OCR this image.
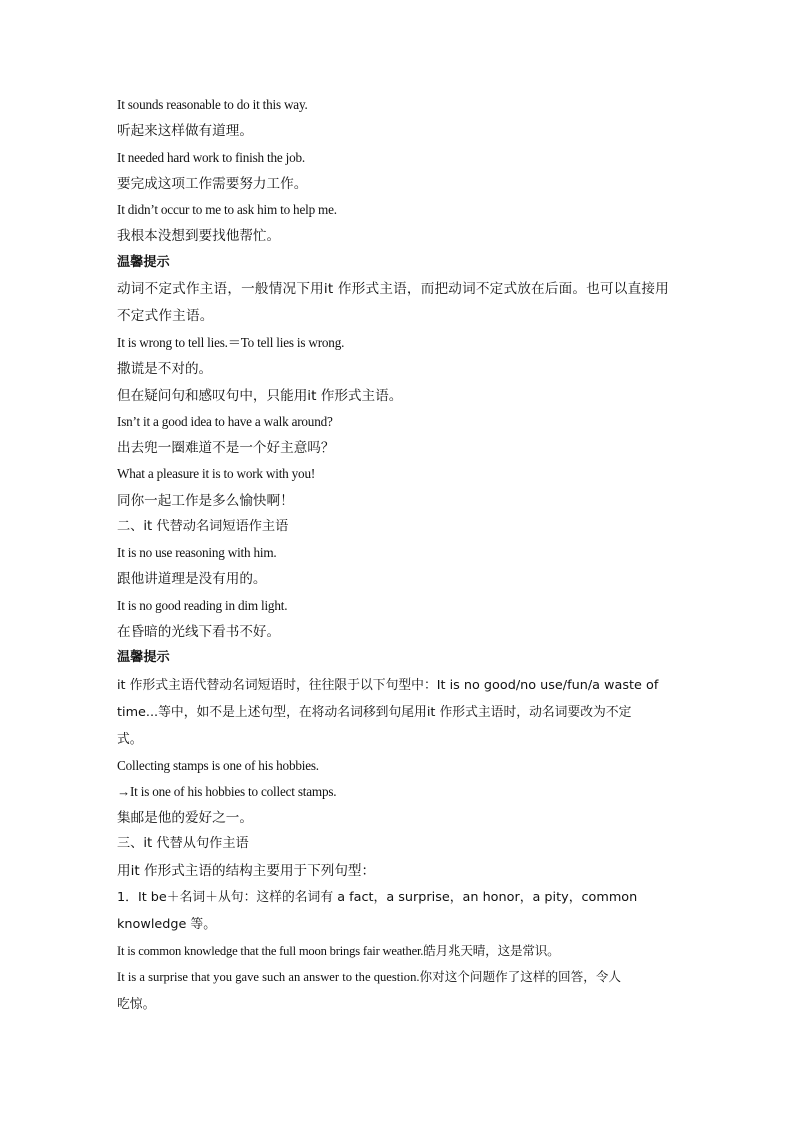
It sounds reasonable to do it this way.
听起来这样做有道理。
It needed hard work to finish the job.
要完成这项工作需要努力工作。
It didn’t occur to me to ask him to help me.
我根本没想到要找他帮忙。
温馨提示
动词不定式作主语，一般情况下用it 作形式主语，而把动词不定式放在后面。也可以直接用
不定式作主语。
It is wrong to tell lies.＝To tell lies is wrong.
撒谎是不对的。
但在疑问句和感叹句中，只能用it 作形式主语。
Isn’t it a good idea to have a walk around?
出去兜一圈难道不是一个好主意吗？
What a pleasure it is to work with you!
同你一起工作是多么愉快啊！
二、it 代替动名词短语作主语
It is no use reasoning with him.
跟他讲道理是没有用的。
It is no good reading in dim light.
在昏暗的光线下看书不好。
温馨提示
it 作形式主语代替动名词短语时，往往限于以下句型中：It is no good/no use/fun/a waste of
time...等中，如不是上述句型，在将动名词移到句尾用it 作形式主语时，动名词要改为不定
式。
Collecting stamps is one of his hobbies.
→It is one of his hobbies to collect stamps.
集邮是他的爱好之一。
三、it 代替从句作主语
用it 作形式主语的结构主要用于下列句型：
1．It be＋名词＋从句：这样的名词有 a fact，a surprise，an honor，a pity，common
knowledge 等。
It is common knowledge that the full moon brings fair weather.皓月兆天晴，这是常识。
It is a surprise that you gave such an answer to the question.你对这个问题作了这样的回答，令人
吃惊。
